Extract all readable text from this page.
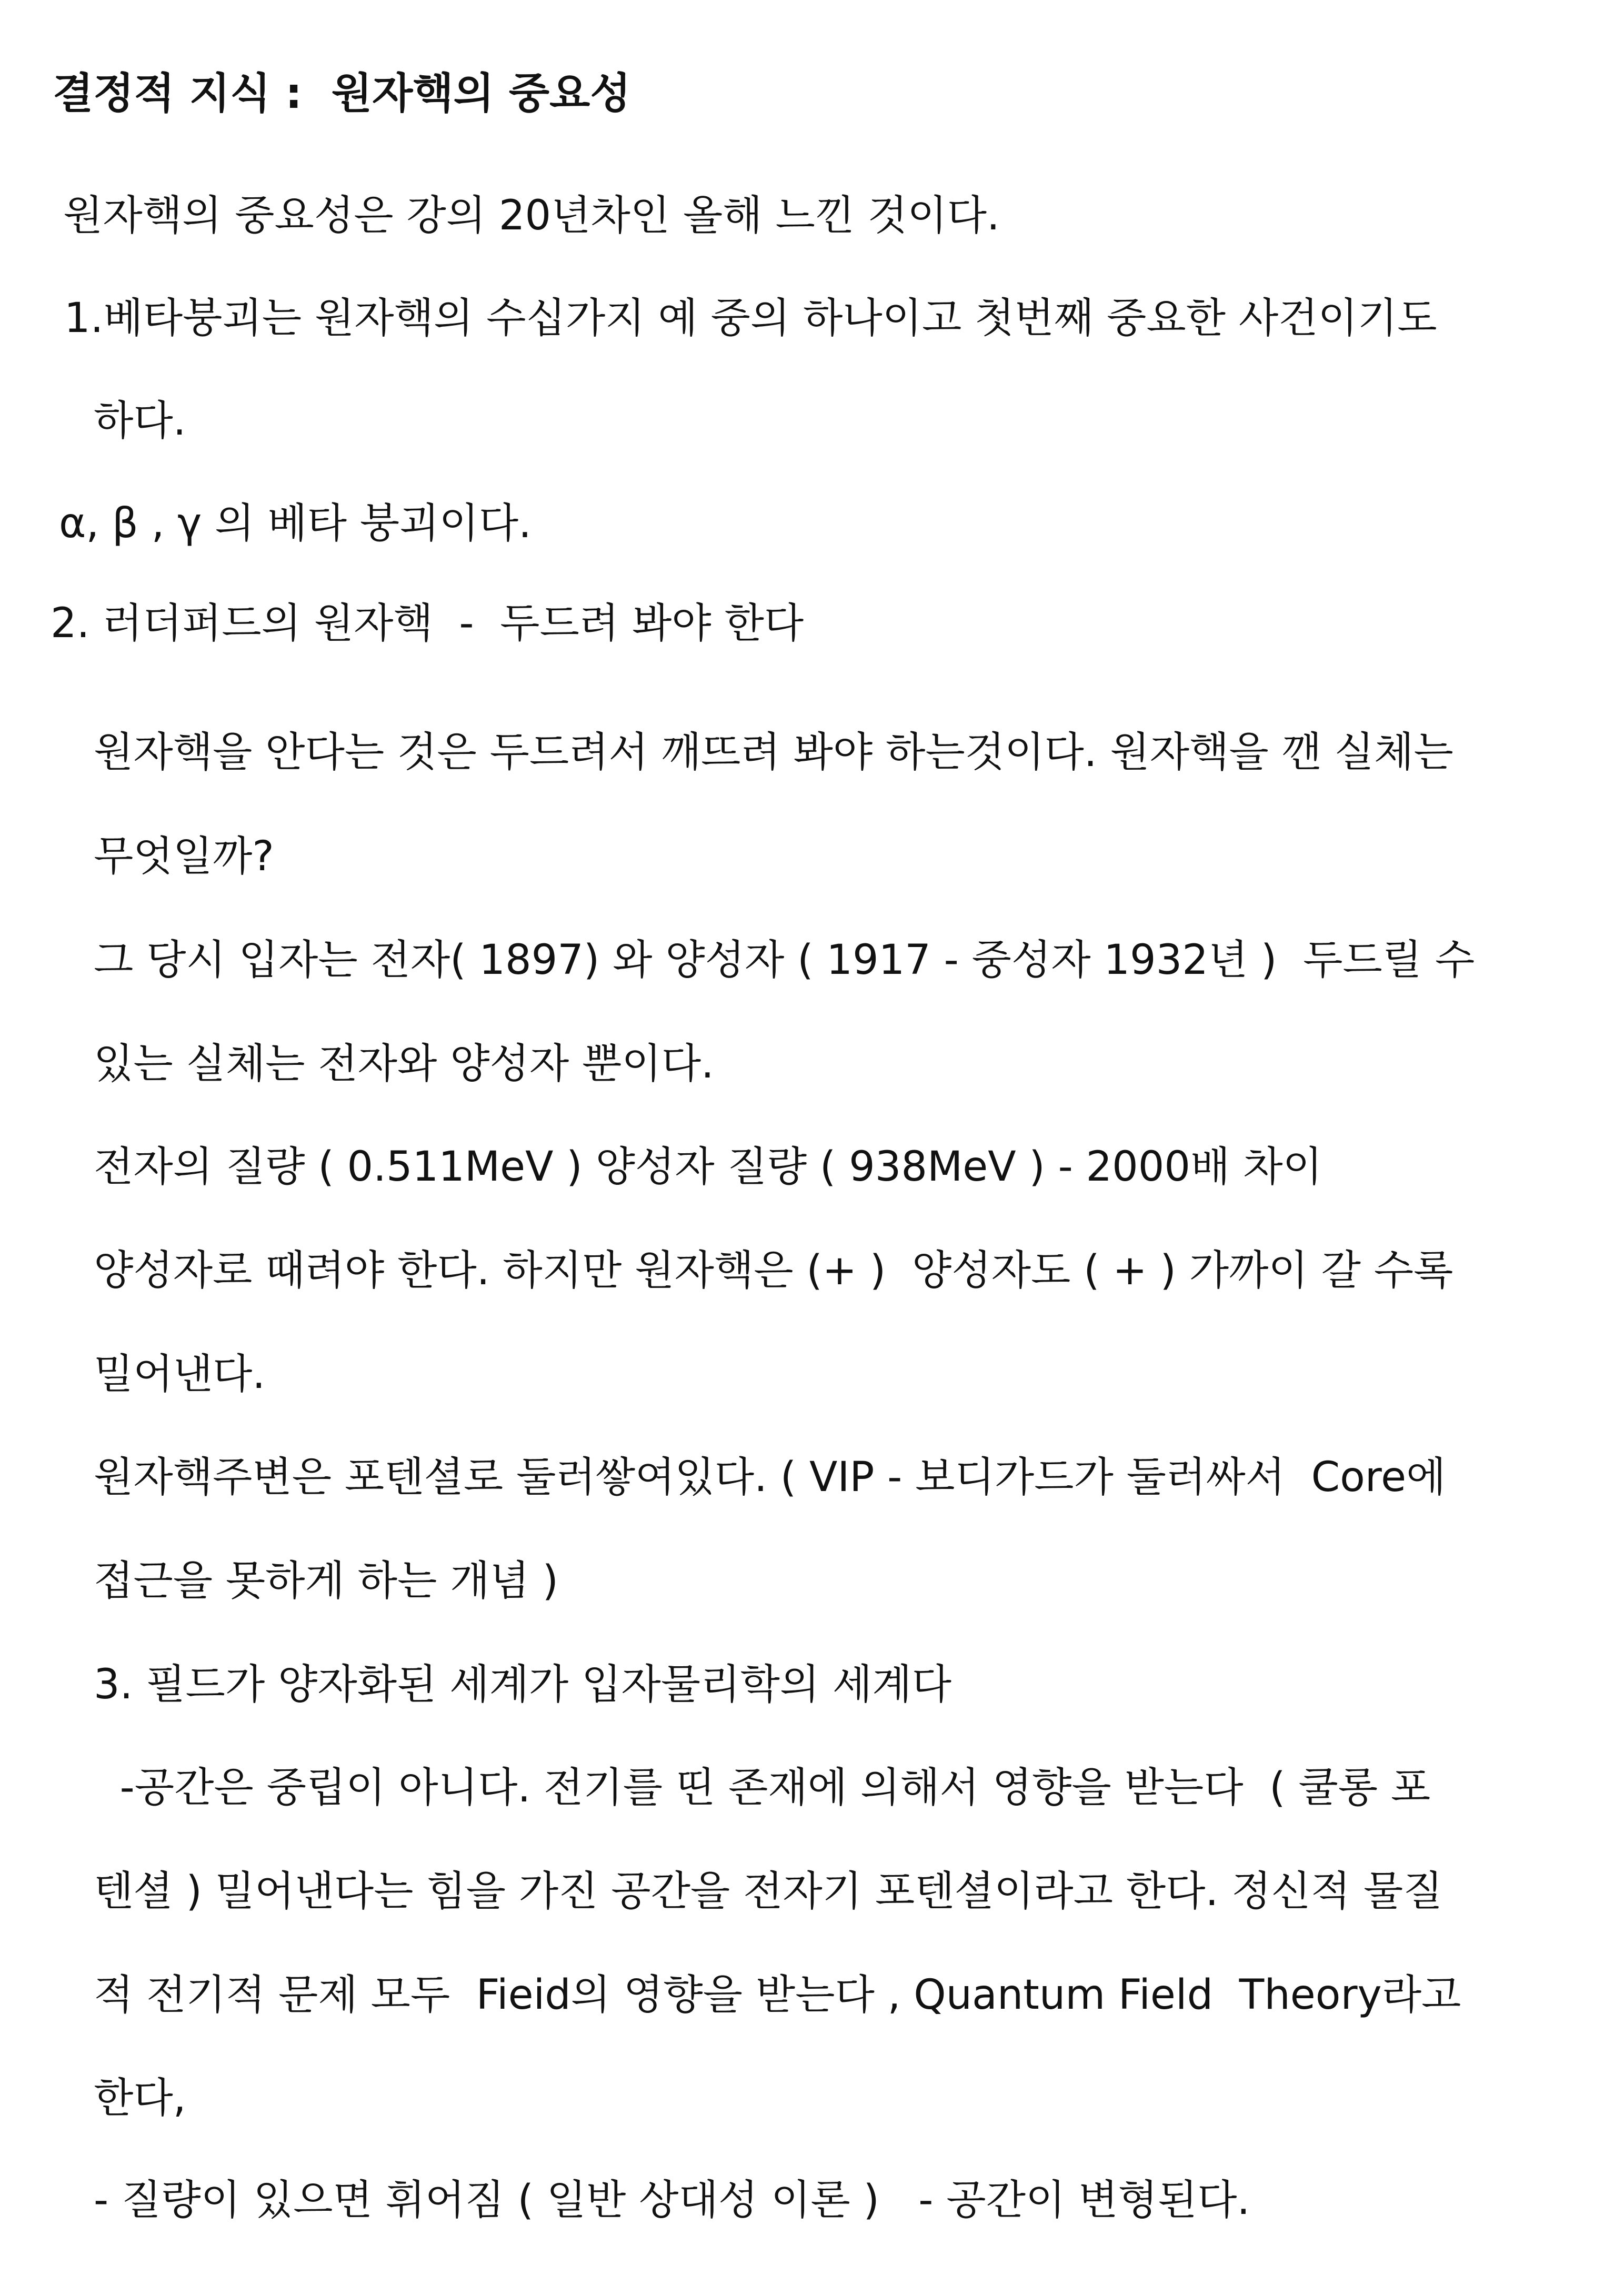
결정적 지식 :  원자핵의 중요성
원자핵의 중요성은 강의 20년차인 올해 느낀 것이다.
1.베타붕괴는 원자핵의 수십가지 예 중의 하나이고 첫번째 중요한 사건이기도
하다.
α, β , γ 의 베타 붕괴이다.
2. 러더퍼드의 원자핵  -  두드려 봐야 한다
원자핵을 안다는 것은 두드려서 깨뜨려 봐야 하는것이다. 원자핵을 깬 실체는
무엇일까?
그 당시 입자는 전자( 1897) 와 양성자 ( 1917 - 중성자 1932년 )  두드릴 수
있는 실체는 전자와 양성자 뿐이다.
전자의 질량 ( 0.511MeV ) 양성자 질량 ( 938MeV ) - 2000배 차이
양성자로 때려야 한다. 하지만 원자핵은 (+ )  양성자도 ( + ) 가까이 갈 수록
밀어낸다.
원자핵주변은 포텐셜로 둘러쌓여있다. ( VIP - 보디가드가 둘러싸서  Core에
접근을 못하게 하는 개념 )
3. 필드가 양자화된 세계가 입자물리학의 세계다
-공간은 중립이 아니다. 전기를 띤 존재에 의해서 영향을 받는다  ( 쿨롱 포
텐셜 ) 밀어낸다는 힘을 가진 공간을 전자기 포텐셜이라고 한다. 정신적 물질
적 전기적 문제 모두  Fieid의 영향을 받는다 , Quantum Field  Theory라고
한다,
- 질량이 있으면 휘어짐 ( 일반 상대성 이론 )   - 공간이 변형된다.
